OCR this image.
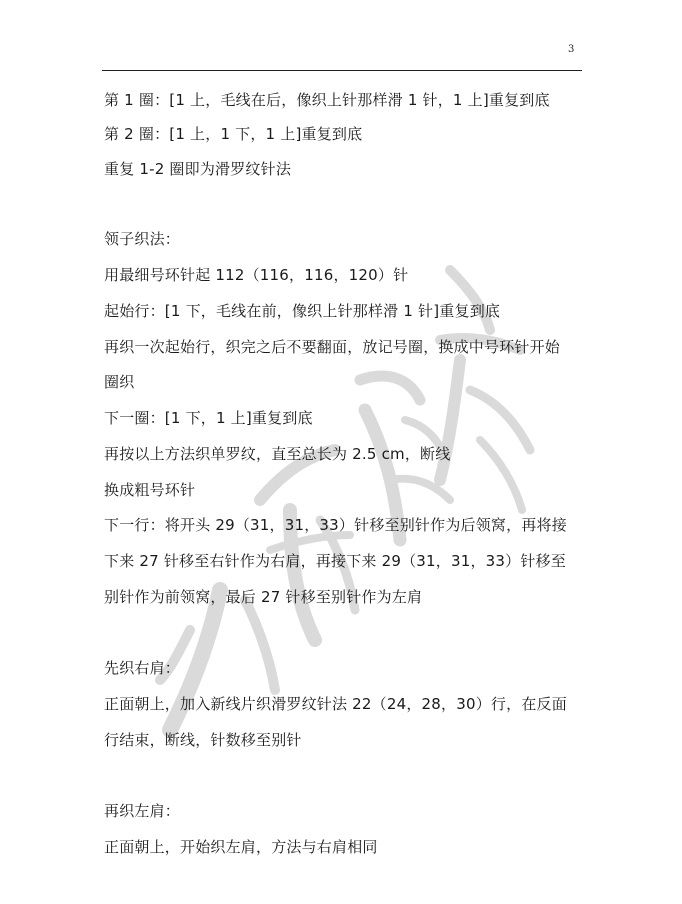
3
第 1 圈：[1 上，毛线在后，像织上针那样滑 1 针，1 上]重复到底
第 2 圈：[1 上，1 下，1 上]重复到底
重复 1-2 圈即为滑罗纹针法
领子织法：
用最细号环针起 112（116，116，120）针
起始行：[1 下，毛线在前，像织上针那样滑 1 针]重复到底
再织一次起始行，织完之后不要翻面，放记号圈，换成中号环针开始
圈织
下一圈：[1 下，1 上]重复到底
再按以上方法织单罗纹，直至总长为 2.5 cm，断线
换成粗号环针
下一行：将开头 29（31，31，33）针移至别针作为后领窝，再将接
下来 27 针移至右针作为右肩，再接下来 29（31，31，33）针移至
别针作为前领窝，最后 27 针移至别针作为左肩
先织右肩：
正面朝上，加入新线片织滑罗纹针法 22（24，28，30）行，在反面
行结束，断线，针数移至别针
再织左肩：
正面朝上，开始织左肩，方法与右肩相同
